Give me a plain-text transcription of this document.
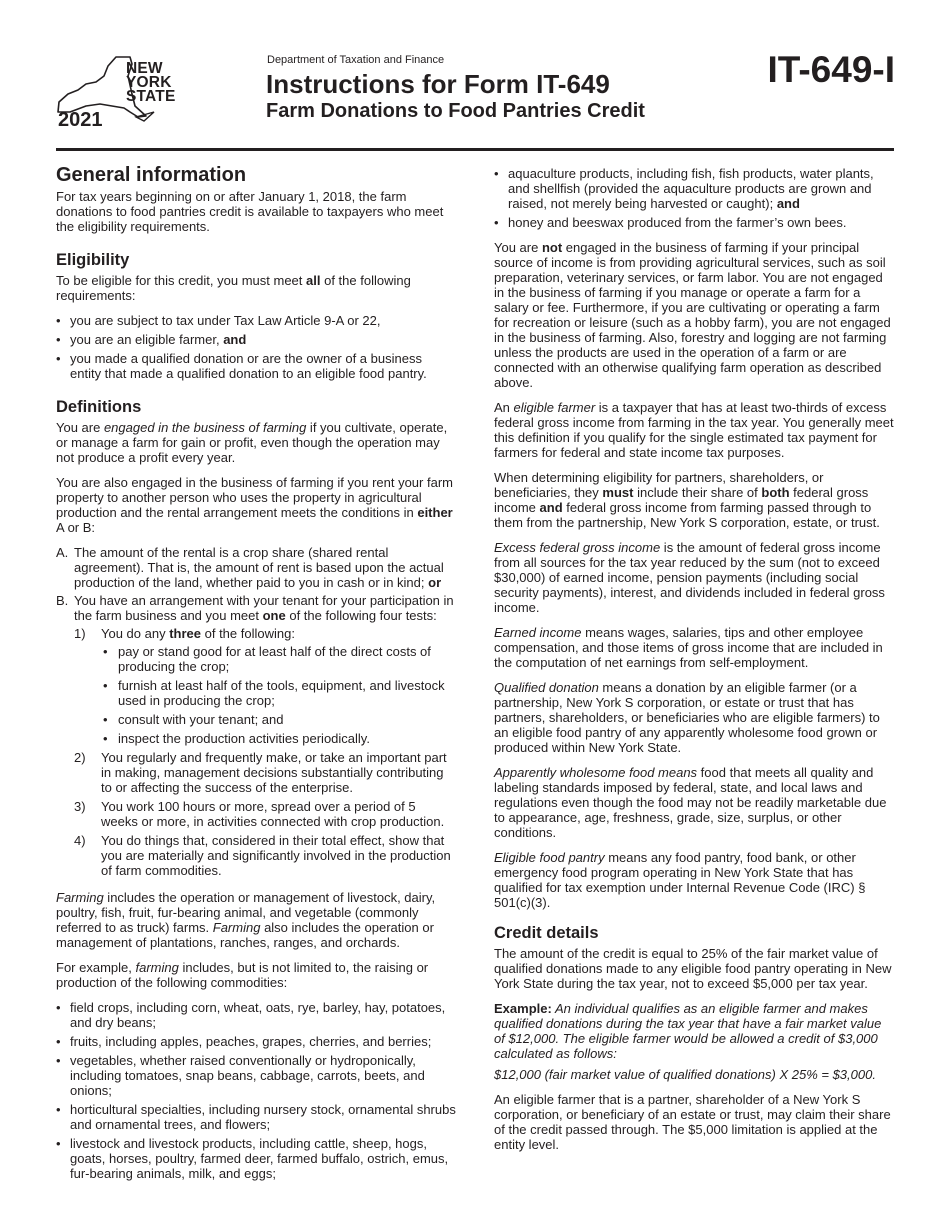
NEW
YORK
STATE
2021
Department of Taxation and Finance
Instructions for Form IT-649
Farm Donations to Food Pantries Credit
IT-649-I
General information

For tax years beginning on or after January 1, 2018, the farm donations to food pantries credit is available to taxpayers who meet the eligibility requirements.

Eligibility

To be eligible for this credit, you must meet all of the following requirements:

• you are subject to tax under Tax Law Article 9-A or 22,
• you are an eligible farmer, and
• you made a qualified donation or are the owner of a business entity that made a qualified donation to an eligible food pantry.
Definitions

You are engaged in the business of farming if you cultivate, operate, or manage a farm for gain or profit, even though the operation may not produce a profit every year.

You are also engaged in the business of farming if you rent your farm property to another person who uses the property in agricultural production and the rental arrangement meets the conditions in either A or B:

A. The amount of the rental is a crop share (shared rental agreement). That is, the amount of rent is based upon the actual production of the land, whether paid to you in cash or in kind; or
B. You have an arrangement with your tenant for your participation in the farm business and you meet one of the following four tests:
1) You do any three of the following:
• pay or stand good for at least half of the direct costs of producing the crop;
• furnish at least half of the tools, equipment, and livestock used in producing the crop;
• consult with your tenant; and
• inspect the production activities periodically.
2) You regularly and frequently make, or take an important part in making, management decisions substantially contributing to or affecting the success of the enterprise.
3) You work 100 hours or more, spread over a period of 5 weeks or more, in activities connected with crop production.
4) You do things that, considered in their total effect, show that you are materially and significantly involved in the production of farm commodities.

Farming includes the operation or management of livestock, dairy, poultry, fish, fruit, fur-bearing animal, and vegetable (commonly referred to as truck) farms. Farming also includes the operation or management of plantations, ranches, ranges, and orchards.

For example, farming includes, but is not limited to, the raising or production of the following commodities:

• field crops, including corn, wheat, oats, rye, barley, hay, potatoes, and dry beans;
• fruits, including apples, peaches, grapes, cherries, and berries;
• vegetables, whether raised conventionally or hydroponically, including tomatoes, snap beans, cabbage, carrots, beets, and onions;
• horticultural specialties, including nursery stock, ornamental shrubs and ornamental trees, and flowers;
• livestock and livestock products, including cattle, sheep, hogs, goats, horses, poultry, farmed deer, farmed buffalo, ostrich, emus, fur-bearing animals, milk, and eggs;
• aquaculture products, including fish, fish products, water plants, and shellfish (provided the aquaculture products are grown and raised, not merely being harvested or caught); and
• honey and beeswax produced from the farmer’s own bees.

You are not engaged in the business of farming if your principal source of income is from providing agricultural services, such as soil preparation, veterinary services, or farm labor. You are not engaged in the business of farming if you manage or operate a farm for a salary or fee. Furthermore, if you are cultivating or operating a farm for recreation or leisure (such as a hobby farm), you are not engaged in the business of farming. Also, forestry and logging are not farming unless the products are used in the operation of a farm or are connected with an otherwise qualifying farm operation as described above.

An eligible farmer is a taxpayer that has at least two-thirds of excess federal gross income from farming in the tax year. You generally meet this definition if you qualify for the single estimated tax payment for farmers for federal and state income tax purposes.

When determining eligibility for partners, shareholders, or beneficiaries, they must include their share of both federal gross income and federal gross income from farming passed through to them from the partnership, New York S corporation, estate, or trust.

Excess federal gross income is the amount of federal gross income from all sources for the tax year reduced by the sum (not to exceed $30,000) of earned income, pension payments (including social security payments), interest, and dividends included in federal gross income.

Earned income means wages, salaries, tips and other employee compensation, and those items of gross income that are included in the computation of net earnings from self-employment.

Qualified donation means a donation by an eligible farmer (or a partnership, New York S corporation, or estate or trust that has partners, shareholders, or beneficiaries who are eligible farmers) to an eligible food pantry of any apparently wholesome food grown or produced within New York State.

Apparently wholesome food means food that meets all quality and labeling standards imposed by federal, state, and local laws and regulations even though the food may not be readily marketable due to appearance, age, freshness, grade, size, surplus, or other conditions.

Eligible food pantry means any food pantry, food bank, or other emergency food program operating in New York State that has qualified for tax exemption under Internal Revenue Code (IRC) § 501(c)(3).

Credit details

The amount of the credit is equal to 25% of the fair market value of qualified donations made to any eligible food pantry operating in New York State during the tax year, not to exceed $5,000 per tax year.

Example: An individual qualifies as an eligible farmer and makes qualified donations during the tax year that have a fair market value of $12,000. The eligible farmer would be allowed a credit of $3,000 calculated as follows:

$12,000 (fair market value of qualified donations) X 25% = $3,000.

An eligible farmer that is a partner, shareholder of a New York S corporation, or beneficiary of an estate or trust, may claim their share of the credit passed through. The $5,000 limitation is applied at the entity level.
